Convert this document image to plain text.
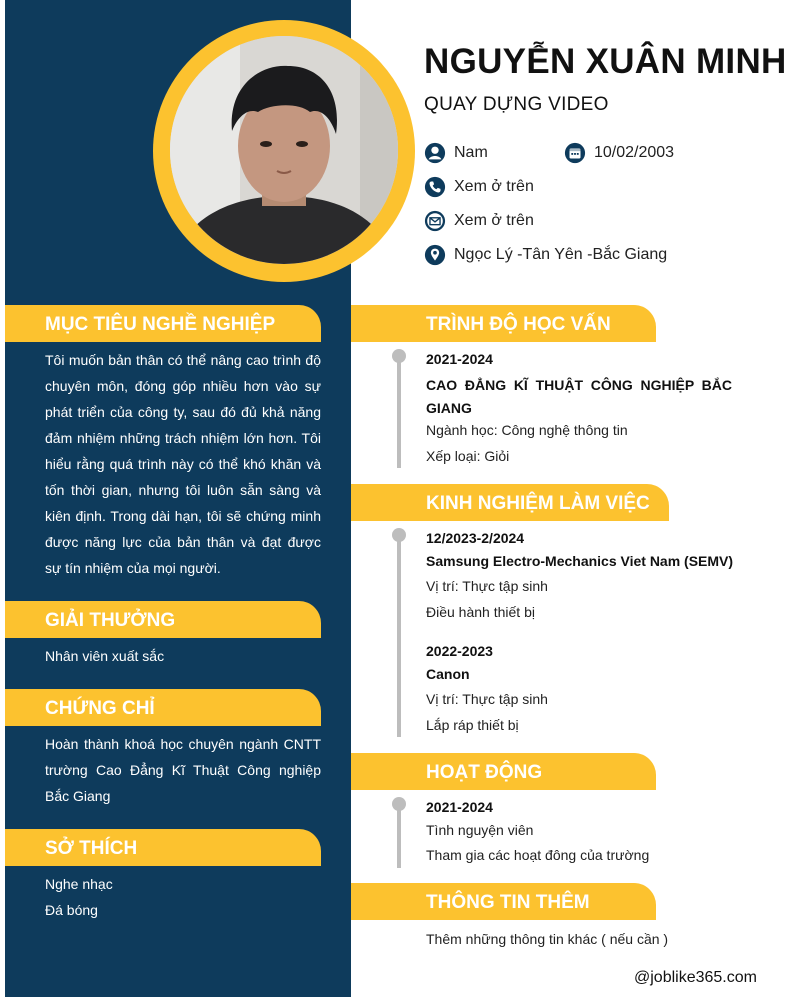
NGUYỄN XUÂN MINH
QUAY DỰNG VIDEO
Nam	10/02/2003
Xem ở trên
Xem ở trên
Ngọc Lý -Tân Yên -Bắc Giang
MỤC TIÊU NGHỀ NGHIỆP
Tôi muốn bản thân có thể nâng cao trình độ chuyên môn, đóng góp nhiều hơn vào sự phát triển của công ty, sau đó đủ khả năng đảm nhiệm những trách nhiệm lớn hơn. Tôi hiểu rằng quá trình này có thể khó khăn và tốn thời gian, nhưng tôi luôn sẵn sàng và kiên định. Trong dài hạn, tôi sẽ chứng minh được năng lực của bản thân và đạt được sự tín nhiệm của mọi người.
GIẢI THƯỞNG
Nhân viên xuất sắc
CHỨNG CHỈ
Hoàn thành khoá học chuyên ngành CNTT trường Cao Đẳng Kĩ Thuật Công nghiệp Bắc Giang
SỞ THÍCH
Nghe nhạc
Đá bóng
TRÌNH ĐỘ HỌC VẤN
2021-2024
CAO ĐẲNG KĨ THUẬT CÔNG NGHIỆP BẮC GIANG
Ngành học: Công nghệ thông tin
Xếp loại: Giỏi
KINH NGHIỆM LÀM VIỆC
12/2023-2/2024
Samsung Electro-Mechanics Viet Nam (SEMV)
Vị trí: Thực tập sinh
Điều hành thiết bị
2022-2023
Canon
Vị trí: Thực tập sinh
Lắp ráp thiết bị
HOẠT ĐỘNG
2021-2024
Tình nguyện viên
Tham gia các hoạt đông của trường
THÔNG TIN THÊM
Thêm những thông tin khác ( nếu cần )
@joblike365.com
